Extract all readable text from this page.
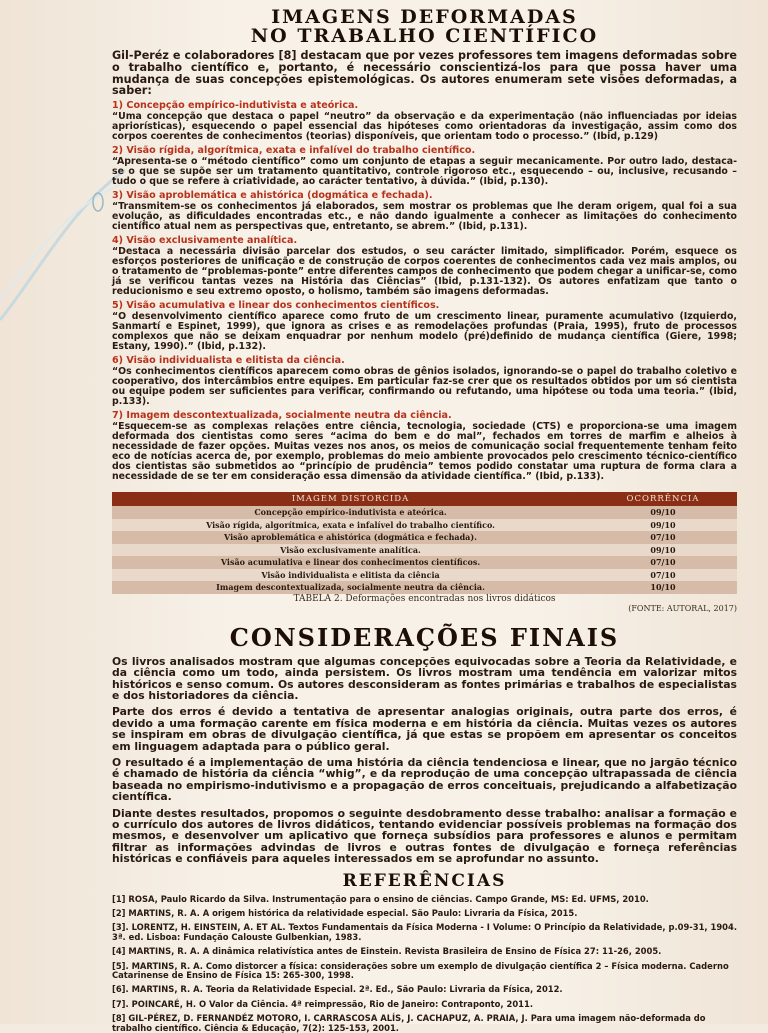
IMAGENS DEFORMADAS

NO TRABALHO CIENTÍFICO

Gil-Peréz e colaboradores [8] destacam que por vezes professores tem imagens deformadas sobre o trabalho científico e, portanto, é necessário conscientizá-los para que possa haver uma mudança de suas concepções epistemológicas. Os autores enumeram sete visões deformadas, a saber:

1) Concepção empírico-indutivista e ateórica.

“Uma concepção que destaca o papel “neutro” da observação e da experimentação (não influenciadas por ideias apriorísticas), esquecendo o papel essencial das hipóteses como orientadoras da investigação, assim como dos corpos coerentes de conhecimentos (teorias) disponíveis, que orientam todo o processo.” (Ibid, p.129)

2) Visão rígida, algorítmica, exata e infalível do trabalho científico.

“Apresenta-se o “método científico” como um conjunto de etapas a seguir mecanicamente. Por outro lado, destaca-se o que se supõe ser um tratamento quantitativo, controle rigoroso etc., esquecendo – ou, inclusive, recusando – tudo o que se refere à criatividade, ao carácter tentativo, à dúvida.” (Ibid, p.130).

3) Visão aproblemática e ahistórica (dogmática e fechada).

“Transmitem-se os conhecimentos já elaborados, sem mostrar os problemas que lhe deram origem, qual foi a sua evolução, as dificuldades encontradas etc., e não dando igualmente a conhecer as limitações do conhecimento científico atual nem as perspectivas que, entretanto, se abrem.” (Ibid, p.131).

4) Visão exclusivamente analítica.

“Destaca a necessária divisão parcelar dos estudos, o seu carácter limitado, simplificador. Porém, esquece os esforços posteriores de unificação e de construção de corpos coerentes de conhecimentos cada vez mais amplos, ou o tratamento de “problemas-ponte” entre diferentes campos de conhecimento que podem chegar a unificar-se, como já se verificou tantas vezes na História das Ciências” (Ibid, p.131-132). Os autores enfatizam que tanto o reducionismo e seu extremo oposto, o holismo, também são imagens deformadas.

5) Visão acumulativa e linear dos conhecimentos científicos.

“O desenvolvimento científico aparece como fruto de um crescimento linear, puramente acumulativo (Izquierdo, Sanmartí e Espinet, 1999), que ignora as crises e as remodelações profundas (Praia, 1995), fruto de processos complexos que não se deixam enquadrar por nenhum modelo (pré)definido de mudança científica (Giere, 1998; Estany, 1990).” (Ibid, p.132).

6) Visão individualista e elitista da ciência.

“Os conhecimentos científicos aparecem como obras de gênios isolados, ignorando-se o papel do trabalho coletivo e cooperativo, dos intercâmbios entre equipes. Em particular faz-se crer que os resultados obtidos por um só cientista ou equipe podem ser suficientes para verificar, confirmando ou refutando, uma hipótese ou toda uma teoria.” (Ibid, p.133).

7) Imagem descontextualizada, socialmente neutra da ciência.

“Esquecem-se as complexas relações entre ciência, tecnologia, sociedade (CTS) e proporciona-se uma imagem deformada dos cientistas como seres “acima do bem e do mal”, fechados em torres de marfim e alheios à necessidade de fazer opções. Muitas vezes nos anos, os meios de comunicação social frequentemente tenham feito eco de notícias acerca de, por exemplo, problemas do meio ambiente provocados pelo crescimento técnico-científico dos cientistas são submetidos ao “princípio de prudência” temos podido constatar uma ruptura de forma clara a necessidade de se ter em consideração essa dimensão da atividade científica.” (Ibid, p.133).

IMAGEM DISTORCIDA	OCORRÊNCIA
Concepção empírico-indutivista e ateórica.	09/10
Visão rígida, algorítmica, exata e infalível do trabalho científico.	09/10
Visão aproblemática e ahistórica (dogmática e fechada).	07/10
Visão exclusivamente analítica.	09/10
Visão acumulativa e linear dos conhecimentos científicos.	07/10
Visão individualista e elitista da ciência	07/10
Imagem descontextualizada, socialmente neutra da ciência.	10/10
TABELA 2. Deformações encontradas nos livros didáticos
(FONTE: AUTORAL, 2017)
CONSIDERAÇÕES FINAIS

Os livros analisados mostram que algumas concepções equivocadas sobre a Teoria da Relatividade, e da ciência como um todo, ainda persistem. Os livros mostram uma tendência em valorizar mitos históricos e senso comum. Os autores desconsideram as fontes primárias e trabalhos de especialistas e dos historiadores da ciência.

Parte dos erros é devido a tentativa de apresentar analogias originais, outra parte dos erros, é devido a uma formação carente em física moderna e em história da ciência. Muitas vezes os autores se inspiram em obras de divulgação científica, já que estas se propõem em apresentar os conceitos em linguagem adaptada para o público geral.

O resultado é a implementação de uma história da ciência tendenciosa e linear, que no jargão técnico é chamado de história da ciência “whig”, e da reprodução de uma concepção ultrapassada de ciência baseada no empirismo-indutivismo e a propagação de erros conceituais, prejudicando a alfabetização científica.

Diante destes resultados, propomos o seguinte desdobramento desse trabalho: analisar a formação e o currículo dos autores de livros didáticos, tentando evidenciar possíveis problemas na formação dos mesmos, e desenvolver um aplicativo que forneça subsídios para professores e alunos e permitam filtrar as informações advindas de livros e outras fontes de divulgação e forneça referências históricas e confiáveis para aqueles interessados em se aprofundar no assunto.

REFERÊNCIAS

[1] ROSA, Paulo Ricardo da Silva. Instrumentação para o ensino de ciências. Campo Grande, MS: Ed. UFMS, 2010.

[2] MARTINS, R. A. A origem histórica da relatividade especial. São Paulo: Livraria da Física, 2015.

[3]. LORENTZ, H. EINSTEIN, A. ET AL. Textos Fundamentais da Física Moderna - I Volume: O Princípio da Relatividade, p.09-31, 1904. 3ª. ed. Lisboa: Fundação Calouste Gulbenkian, 1983.

[4] MARTINS, R. A. A dinâmica relativística antes de Einstein. Revista Brasileira de Ensino de Física 27: 11-26, 2005.

[5]. MARTINS, R. A. Como distorcer a física: considerações sobre um exemplo de divulgação científica 2 – Física moderna. Caderno Catarinense de Ensino de Física 15: 265-300, 1998.

[6]. MARTINS, R. A. Teoria da Relatividade Especial. 2ª. Ed., São Paulo: Livraria da Física, 2012.

[7]. POINCARÉ, H. O Valor da Ciência. 4ª reimpressão, Rio de Janeiro: Contraponto, 2011.

[8] GIL-PÉREZ, D. FERNANDÉZ MOTORO, I. CARRASCOSA ALÍS, J. CACHAPUZ, A. PRAIA, J. Para uma imagem não-deformada do trabalho científico. Ciência & Educação, 7(2): 125-153, 2001.
